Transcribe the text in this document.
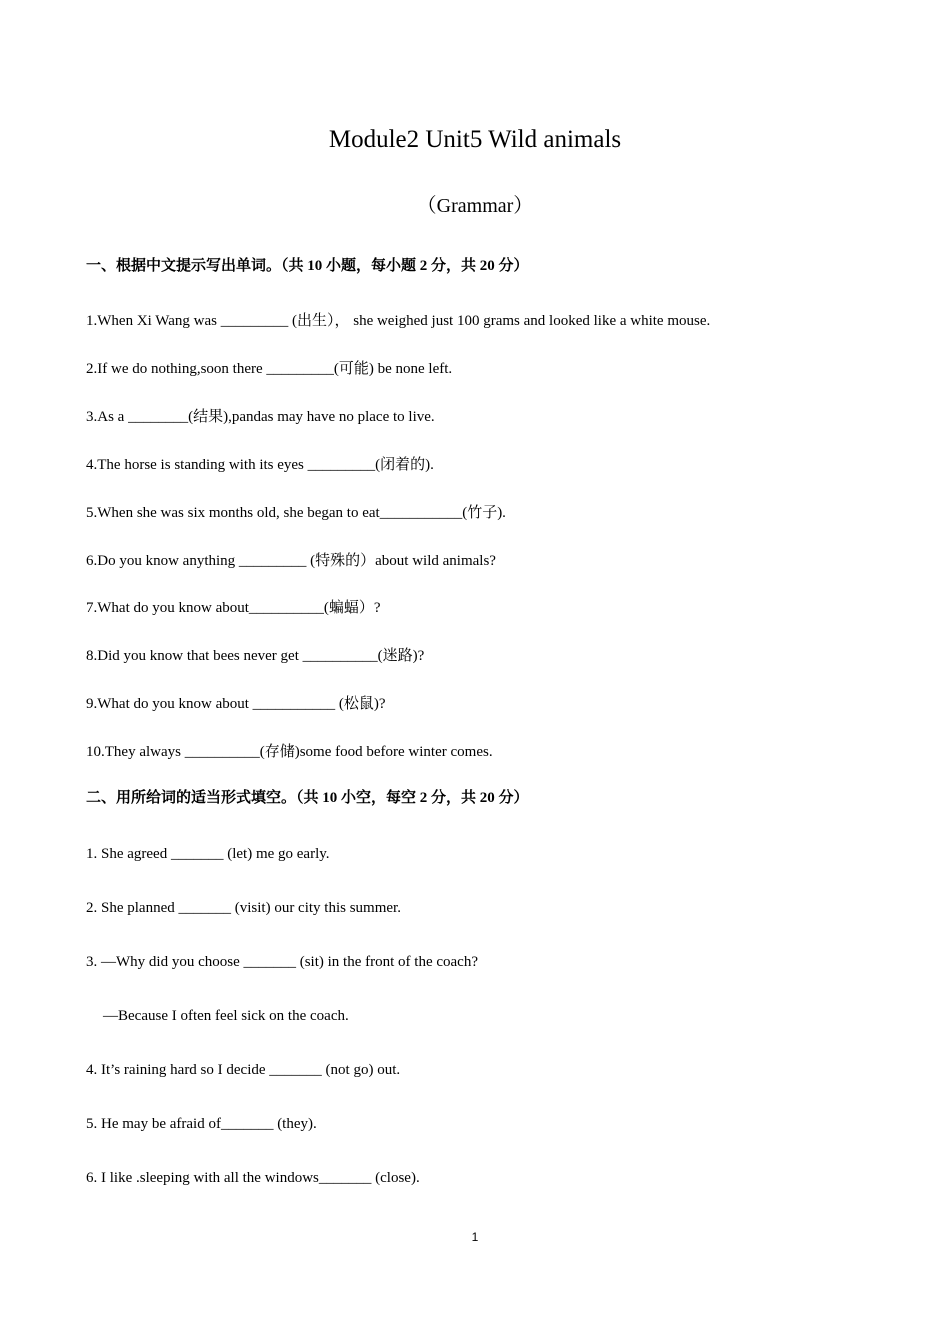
Module2 Unit5 Wild animals
（Grammar）
一、根据中文提示写出单词。（共 10 小题，每小题 2 分，共 20 分）
1.When Xi Wang was _________ (出生）， she weighed just 100 grams and looked like a white mouse.
2.If we do nothing,soon there _________(可能) be none left.
3.As a ________(结果),pandas may have no place to live.
4.The horse is standing with its eyes _________(闭着的).
5.When she was six months old, she began to eat___________(竹子).
6.Do you know anything _________ (特殊的）about wild animals?
7.What do you know about__________(蝙蝠）?
8.Did you know that bees never get __________(迷路)?
9.What do you know about ___________ (松鼠)?
10.They always __________(存储)some food before winter comes.
二、用所给词的适当形式填空。（共 10 小空，每空 2 分，共 20 分）
1. She agreed _______ (let) me go early.
2. She planned _______ (visit) our city this summer.
3. —Why did you choose _______ (sit) in the front of the coach?
—Because I often feel sick on the coach.
4. It’s raining hard so I decide _______ (not go) out.
5. He may be afraid of_______ (they).
6. I like .sleeping with all the windows_______ (close).
1
